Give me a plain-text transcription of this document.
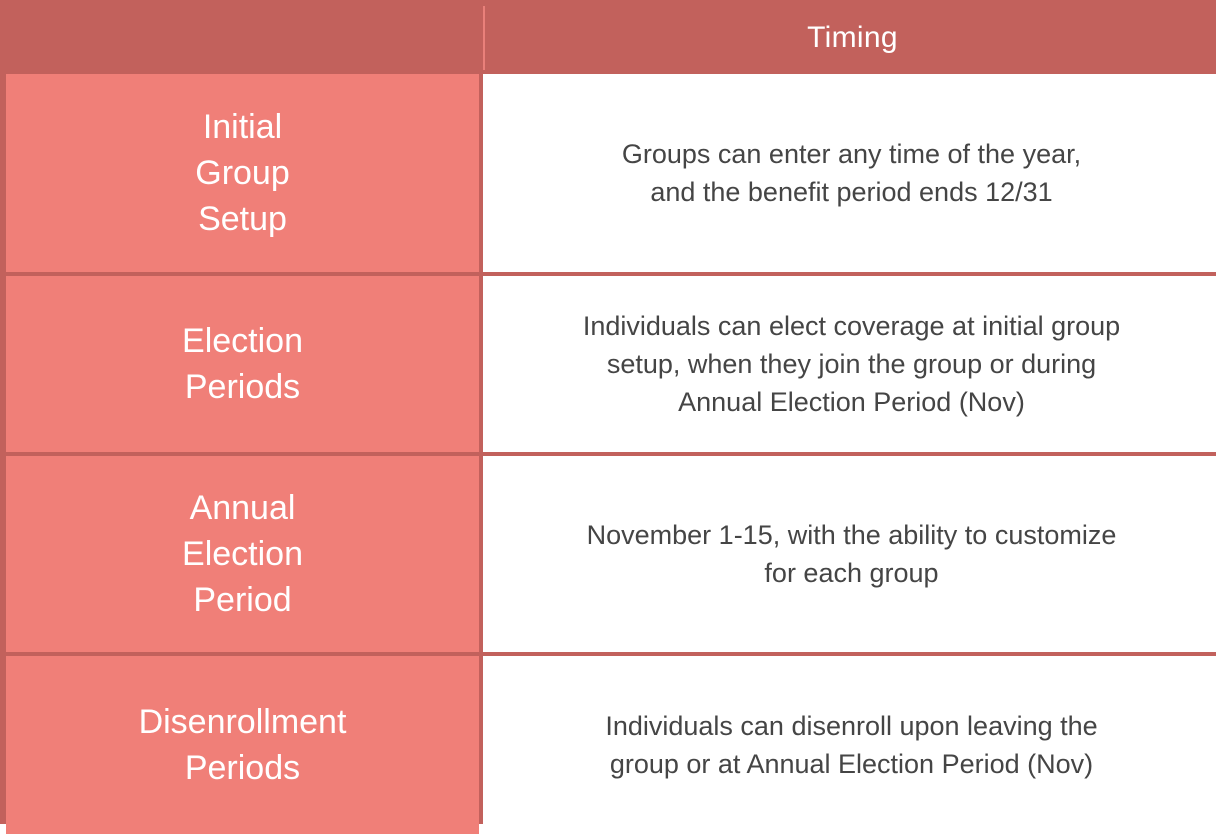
Timing
Initial
Group
Setup
Groups can enter any time of the year,
and the benefit period ends 12/31
Election
Periods
Individuals can elect coverage at initial group
setup, when they join the group or during
Annual Election Period (Nov)
Annual
Election
Period
November 1-15, with the ability to customize
for each group
Disenrollment
Periods
Individuals can disenroll upon leaving the
group or at Annual Election Period (Nov)
